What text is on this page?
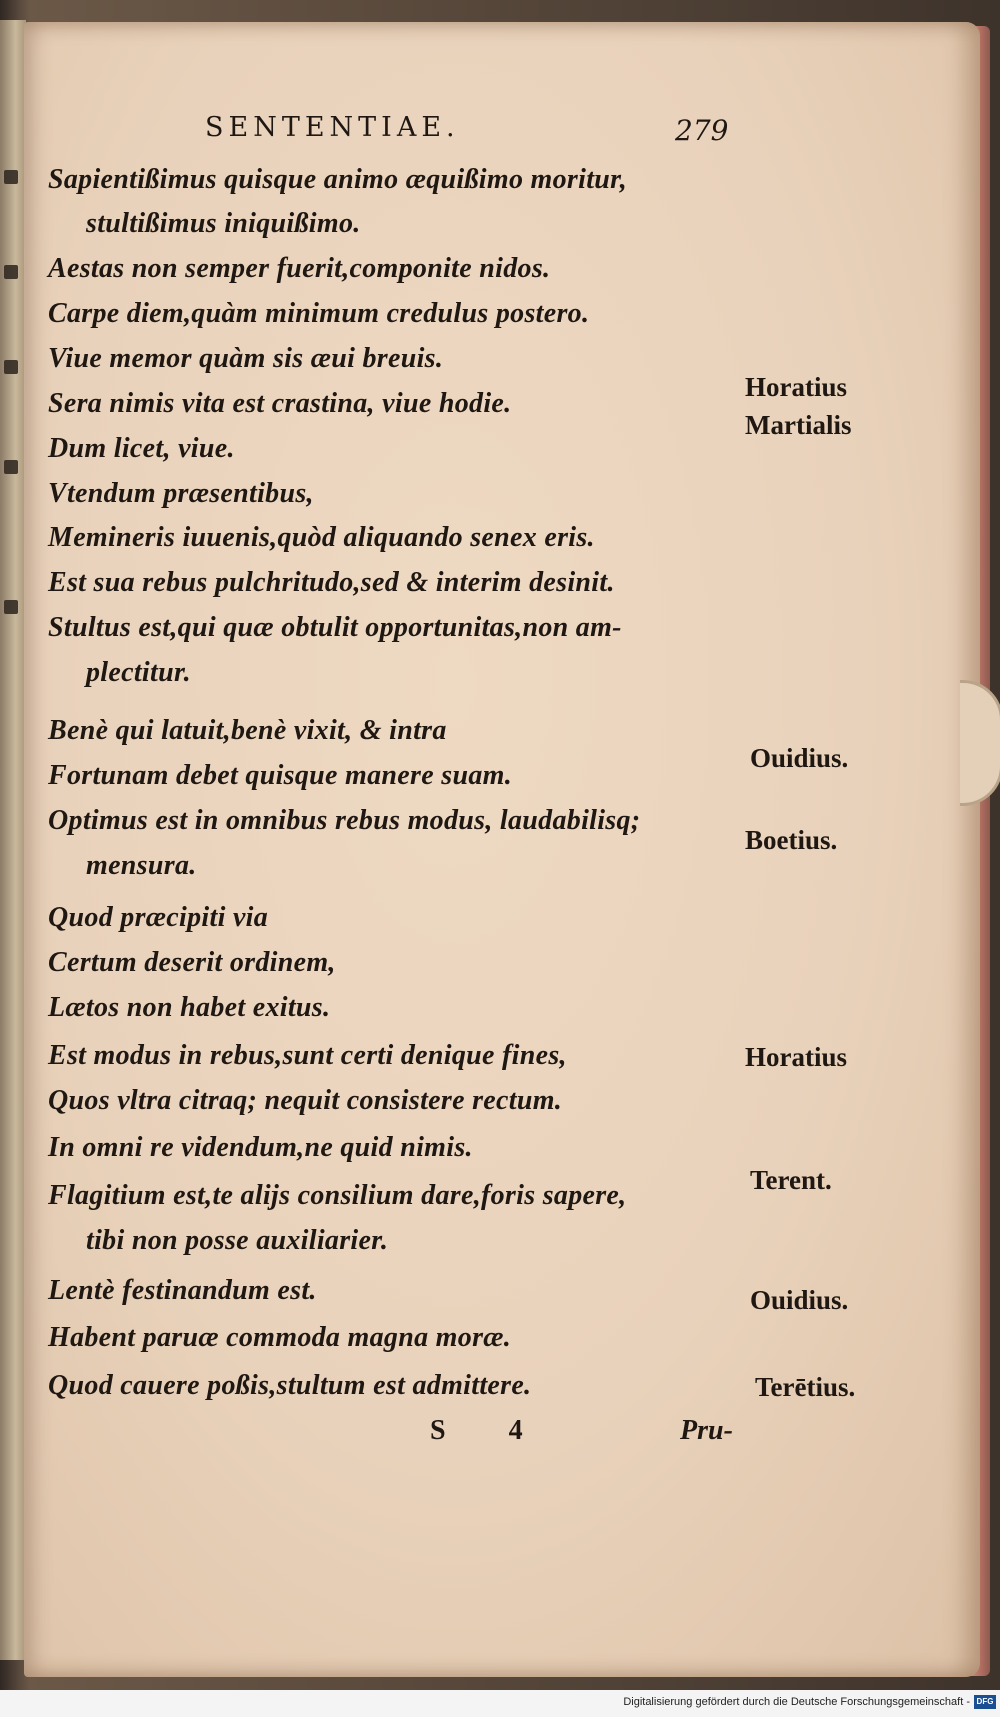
SENTENTIAE.	279
Sapientißimus quisque animo æquißimo moritur,
stultißimus iniquißimo.
Aestas non semper fuerit,componite nidos.
Carpe diem,quàm minimum credulus postero.
Viue memor quàm sis æui breuis.
Sera nimis vita est crastina, viue hodie.
Dum licet, viue.
Vtendum præsentibus,
Memineris iuuenis,quòd aliquando senex eris.
Est sua rebus pulchritudo,sed & interim desinit.
Stultus est,qui quæ obtulit opportunitas,non am-
plectitur.
Benè qui latuit,benè vixit, & intra
Fortunam debet quisque manere suam.
Optimus est in omnibus rebus modus, laudabilisq;
mensura.
Quod præcipiti via
Certum deserit ordinem,
Lætos non habet exitus.
Est modus in rebus,sunt certi denique fines,
Quos vltra citraq; nequit consistere rectum.
In omni re videndum,ne quid nimis.
Flagitium est,te alijs consilium dare,foris sapere,
tibi non posse auxiliarier.
Lentè festinandum est.
Habent paruæ commoda magna moræ.
Quod cauere poßis,stultum est admittere.
Horatius
Martialis
Ouidius.
Boetius.
Horatius
Terent.
Ouidius.
Terētius.
S 4	Pru-
Digitalisierung gefördert durch die Deutsche Forschungsgemeinschaft - DFG
